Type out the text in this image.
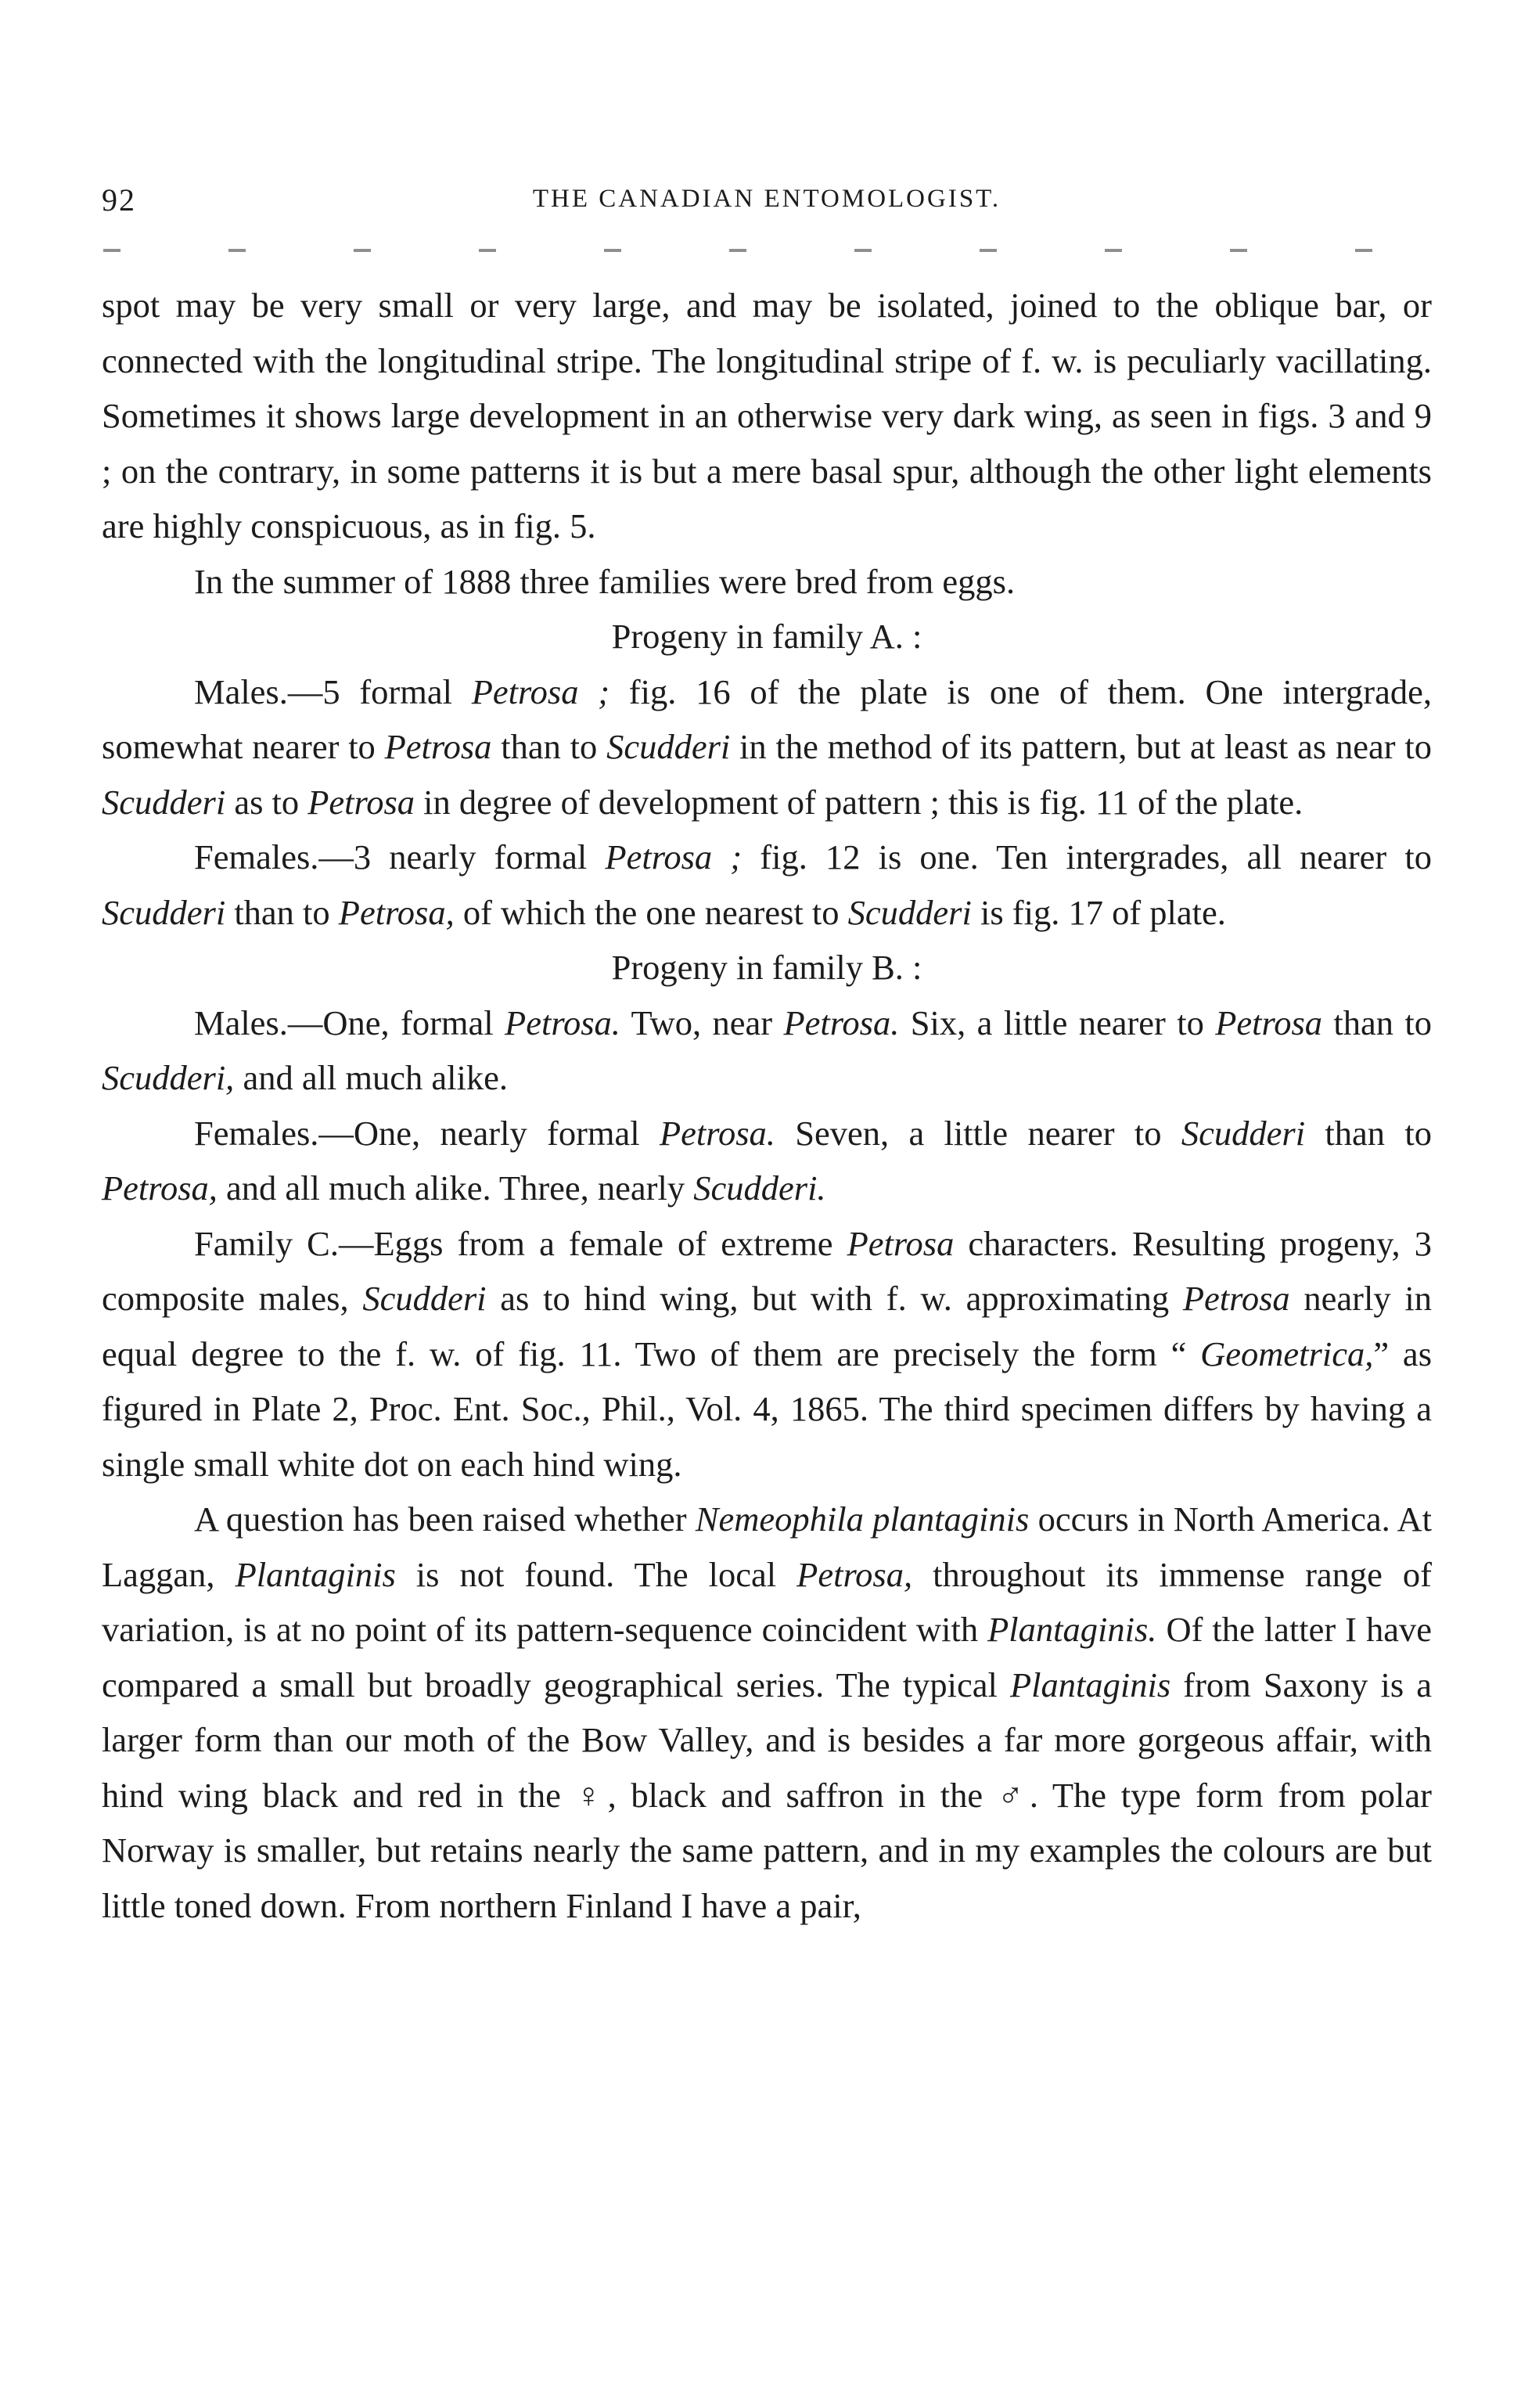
92	THE CANADIAN ENTOMOLOGIST.

spot may be very small or very large, and may be isolated, joined to the oblique bar, or connected with the longitudinal stripe. The longitudinal stripe of f. w. is peculiarly vacillating. Sometimes it shows large development in an otherwise very dark wing, as seen in figs. 3 and 9 ; on the contrary, in some patterns it is but a mere basal spur, although the other light elements are highly conspicuous, as in fig. 5.

In the summer of 1888 three families were bred from eggs.

Progeny in family A. :

Males.—5 formal Petrosa ; fig. 16 of the plate is one of them. One intergrade, somewhat nearer to Petrosa than to Scudderi in the method of its pattern, but at least as near to Scudderi as to Petrosa in degree of development of pattern ; this is fig. 11 of the plate.

Females.—3 nearly formal Petrosa ; fig. 12 is one. Ten intergrades, all nearer to Scudderi than to Petrosa, of which the one nearest to Scudderi is fig. 17 of plate.

Progeny in family B. :

Males.—One, formal Petrosa. Two, near Petrosa. Six, a little nearer to Petrosa than to Scudderi, and all much alike.

Females.—One, nearly formal Petrosa. Seven, a little nearer to Scudderi than to Petrosa, and all much alike. Three, nearly Scudderi.

Family C.—Eggs from a female of extreme Petrosa characters. Resulting progeny, 3 composite males, Scudderi as to hind wing, but with f. w. approximating Petrosa nearly in equal degree to the f. w. of fig. 11. Two of them are precisely the form “ Geometrica,” as figured in Plate 2, Proc. Ent. Soc., Phil., Vol. 4, 1865. The third specimen differs by having a single small white dot on each hind wing.

A question has been raised whether Nemeophila plantaginis occurs in North America. At Laggan, Plantaginis is not found. The local Petrosa, throughout its immense range of variation, is at no point of its pattern-sequence coincident with Plantaginis. Of the latter I have compared a small but broadly geographical series. The typical Plantaginis from Saxony is a larger form than our moth of the Bow Valley, and is besides a far more gorgeous affair, with hind wing black and red in the ♀, black and saffron in the ♂. The type form from polar Norway is smaller, but retains nearly the same pattern, and in my examples the colours are but little toned down. From northern Finland I have a pair,
